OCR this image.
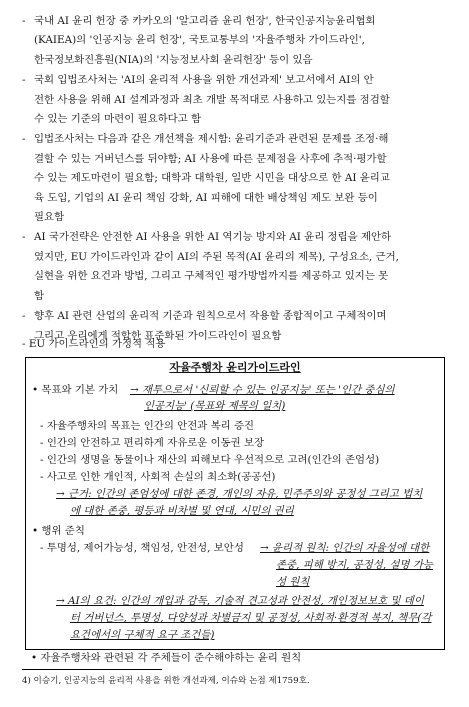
- 국내 AI 윤리 헌장 중 카카오의 '알고리즘 윤리 헌장', 한국인공지능윤리협회
(KAIEA)의 '인공지능 윤리 헌장', 국토교통부의 '자율주행차 가이드라인',
한국정보화진흥원(NIA)의 '지능정보사회 윤리헌장' 등이 있음
- 국회 입법조사처는 'AI의 윤리적 사용을 위한 개선과제' 보고서에서 AI의 안
전한 사용을 위해 AI 설계과정과 최초 개발 목적대로 사용하고 있는지를 점검할
수 있는 기준의 마련이 필요하다고 함
- 입법조사처는 다음과 같은 개선책을 제시함: 윤리기준과 관련된 문제를 조정·해
결할 수 있는 거버넌스를 뒤야함; AI 사용에 따른 문제점을 사후에 추적·평가할
수 있는 제도마련이 필요함; 대학과 대학원, 일반 시민을 대상으로 한 AI 윤리교
육 도입, 기업의 AI 윤리 책임 강화, AI 피해에 대한 배상책임 제도 보완 등이
필요함
- AI 국가전략은 안전한 AI 사용을 위한 AI 역기능 방지와 AI 윤리 정립을 제안하
였지만, EU 가이드라인과 같이 AI의 주된 목적(AI 윤리의 제목), 구성요소, 근거,
실현을 위한 요건과 방법, 그리고 구체적인 평가방법까지를 제공하고 있지는 못
함
- 향후 AI 관련 산업의 윤리적 기준과 원칙으로서 작용할 종합적이고 구체적이며
그리고 우리에게 적합한 표준화된 가이드라인이 필요함
- EU 가이드라인의 가정적 적용
자율주행차 윤리가이드라인
• 목표와 기본 가치 → 재투으로서 '신뢰할 수 있는 인공지능' 또는 '인간 중심의
인공지능' (목표와 제목의 일치)
- 자율주행차의 목표는 인간의 안전과 복리 증진
- 인간의 안전하고 편리하게 자유로운 이동권 보장
- 인간의 생명을 동물이나 재산의 피해보다 우선적으로 고려(인간의 존엄성)
- 사고로 인한 개인적, 사회적 손실의 최소화(공공선)
→ 근거: 인간의 존엄성에 대한 존경, 개인의 자유, 민주주의와 공정성 그리고 법치
에 대한 존중, 평등과 비차별 및 연대, 시민의 권리
• 행위 준칙
- 투명성, 제어가능성, 책임성, 안전성, 보안성 → 윤리적 원칙: 인간의 자율성에 대한
존중, 피해 방지, 공정성, 설명 가능
성 원칙
→ AI의 요건: 인간의 개입과 감독, 기술적 견고성과 안전성, 개인정보보호 및 데이
터 거버넌스, 투명성, 다양성과 차별금지 및 공정성, 사회적·환경적 복지, 책무(각
요건에서의 구체적 요구 조건들)
• 자율주행차와 관련된 각 주체들이 준수해야하는 윤리 원칙
4) 이승기, 인공지능의 윤리적 사용을 위한 개선과제, 이슈와 논점 제1759호.
